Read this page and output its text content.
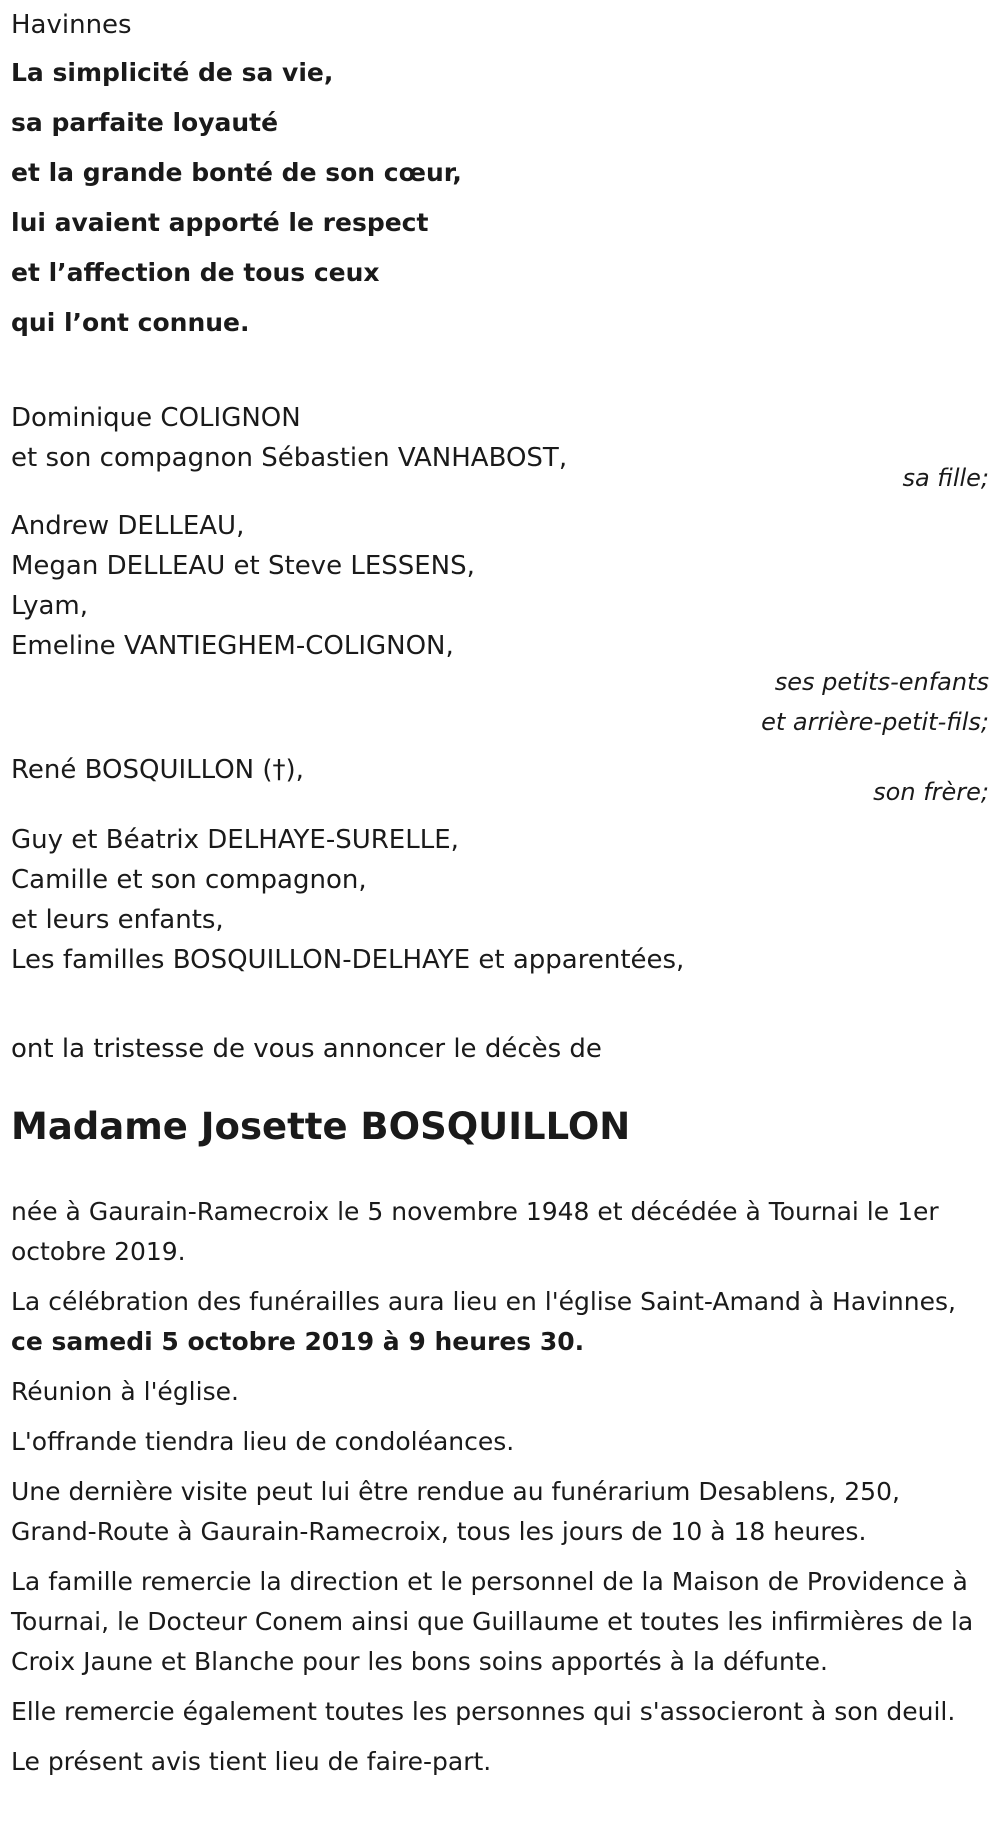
Havinnes

La simplicité de sa vie,

sa parfaite loyauté

et la grande bonté de son cœur,

lui avaient apporté le respect

et l’affection de tous ceux

qui l’ont connue.

Dominique COLIGNON

et son compagnon Sébastien VANHABOST,

sa fille;

Andrew DELLEAU,

Megan DELLEAU et Steve LESSENS,

Lyam,

Emeline VANTIEGHEM-COLIGNON,

ses petits-enfants

et arrière-petit-fils;

René BOSQUILLON (†),

son frère;

Guy et Béatrix DELHAYE-SURELLE,

Camille et son compagnon,

et leurs enfants,

Les familles BOSQUILLON-DELHAYE et apparentées,

ont la tristesse de vous annoncer le décès de

Madame Josette BOSQUILLON

née à Gaurain-Ramecroix le 5 novembre 1948 et décédée à Tournai le 1er octobre 2019.

La célébration des funérailles aura lieu en l'église Saint-Amand à Havinnes, ce samedi 5 octobre 2019 à 9 heures 30.

Réunion à l'église.

L'offrande tiendra lieu de condoléances.

Une dernière visite peut lui être rendue au funérarium Desablens, 250, Grand-Route à Gaurain-Ramecroix, tous les jours de 10 à 18 heures.

La famille remercie la direction et le personnel de la Maison de Providence à Tournai, le Docteur Conem ainsi que Guillaume et toutes les infirmières de la Croix Jaune et Blanche pour les bons soins apportés à la défunte.

Elle remercie également toutes les personnes qui s'associeront à son deuil.

Le présent avis tient lieu de faire-part.
